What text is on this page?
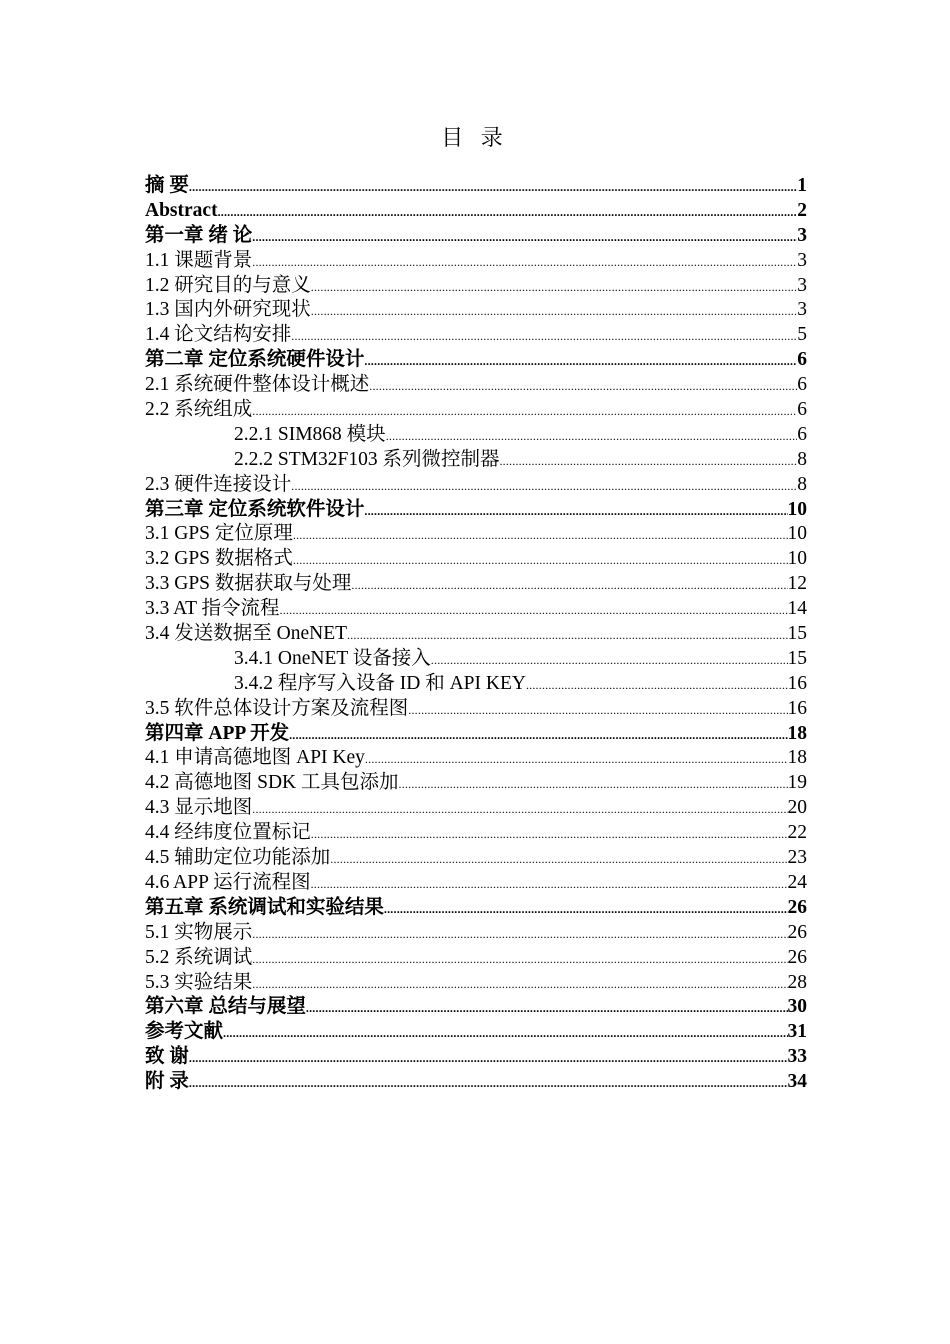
目 录
摘 要 .....	1
Abstract .....	2
第一章 绪 论 .....	3
1.1 课题背景 .....	3
1.2 研究目的与意义 .....	3
1.3 国内外研究现状 .....	3
1.4 论文结构安排 .....	5
第二章 定位系统硬件设计 .....	6
2.1 系统硬件整体设计概述 .....	6
2.2 系统组成 .....	6
2.2.1 SIM868 模块 .....	6
2.2.2 STM32F103 系列微控制器 .....	8
2.3 硬件连接设计 .....	8
第三章 定位系统软件设计 .....	10
3.1 GPS 定位原理 .....	10
3.2 GPS 数据格式 .....	10
3.3 GPS 数据获取与处理 .....	12
3.3 AT 指令流程 .....	14
3.4 发送数据至 OneNET .....	15
3.4.1 OneNET 设备接入 .....	15
3.4.2 程序写入设备 ID 和 API KEY .....	16
3.5 软件总体设计方案及流程图 .....	16
第四章 APP 开发 .....	18
4.1 申请高德地图 API Key .....	18
4.2 高德地图 SDK 工具包添加 .....	19
4.3 显示地图 .....	20
4.4 经纬度位置标记 .....	22
4.5 辅助定位功能添加 .....	23
4.6 APP 运行流程图 .....	24
第五章 系统调试和实验结果 .....	26
5.1 实物展示 .....	26
5.2 系统调试 .....	26
5.3 实验结果 .....	28
第六章 总结与展望 .....	30
参考文献 .....	31
致 谢 .....	33
附 录 .....	34
